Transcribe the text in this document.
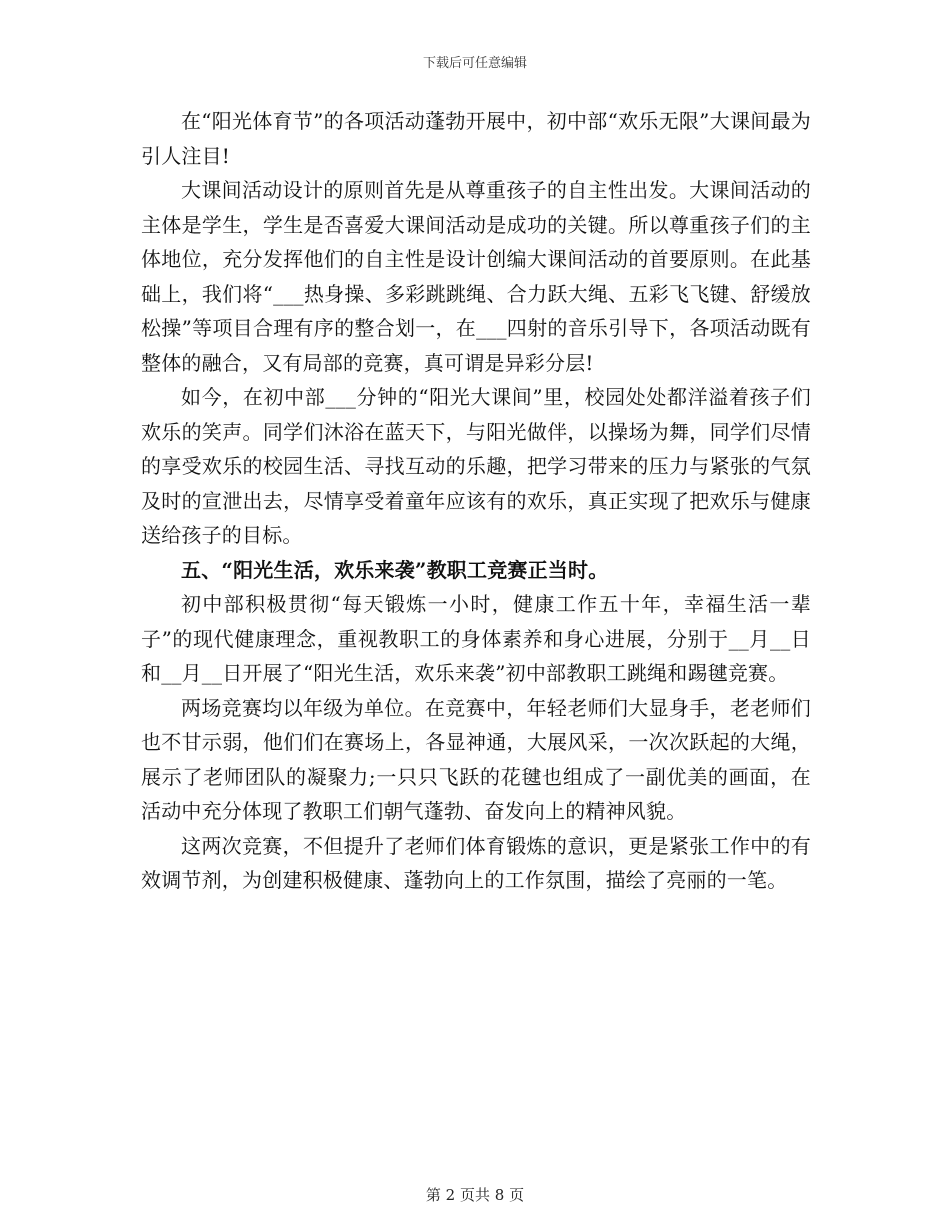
下载后可任意编辑

在“阳光体育节”的各项活动蓬勃开展中，初中部“欢乐无限”大课间最为引人注目!

大课间活动设计的原则首先是从尊重孩子的自主性出发。大课间活动的主体是学生，学生是否喜爱大课间活动是成功的关键。所以尊重孩子们的主体地位，充分发挥他们的自主性是设计创编大课间活动的首要原则。在此基础上，我们将“___热身操、多彩跳跳绳、合力跃大绳、五彩飞飞键、舒缓放松操”等项目合理有序的整合划一，在___四射的音乐引导下，各项活动既有整体的融合，又有局部的竞赛，真可谓是异彩分层!

如今，在初中部___分钟的“阳光大课间”里，校园处处都洋溢着孩子们欢乐的笑声。同学们沐浴在蓝天下，与阳光做伴，以操场为舞，同学们尽情的享受欢乐的校园生活、寻找互动的乐趣，把学习带来的压力与紧张的气氛及时的宣泄出去，尽情享受着童年应该有的欢乐，真正实现了把欢乐与健康送给孩子的目标。

五、“阳光生活，欢乐来袭”教职工竞赛正当时。

初中部积极贯彻“每天锻炼一小时，健康工作五十年，幸福生活一辈子”的现代健康理念，重视教职工的身体素养和身心进展，分别于__月__日和__月__日开展了“阳光生活，欢乐来袭”初中部教职工跳绳和踢毽竞赛。

两场竞赛均以年级为单位。在竞赛中，年轻老师们大显身手，老老师们也不甘示弱，他们们在赛场上，各显神通，大展风采，一次次跃起的大绳，展示了老师团队的凝聚力;一只只飞跃的花毽也组成了一副优美的画面，在活动中充分体现了教职工们朝气蓬勃、奋发向上的精神风貌。

这两次竞赛，不但提升了老师们体育锻炼的意识，更是紧张工作中的有效调节剂，为创建积极健康、蓬勃向上的工作氛围，描绘了亮丽的一笔。

第 2 页共 8 页
